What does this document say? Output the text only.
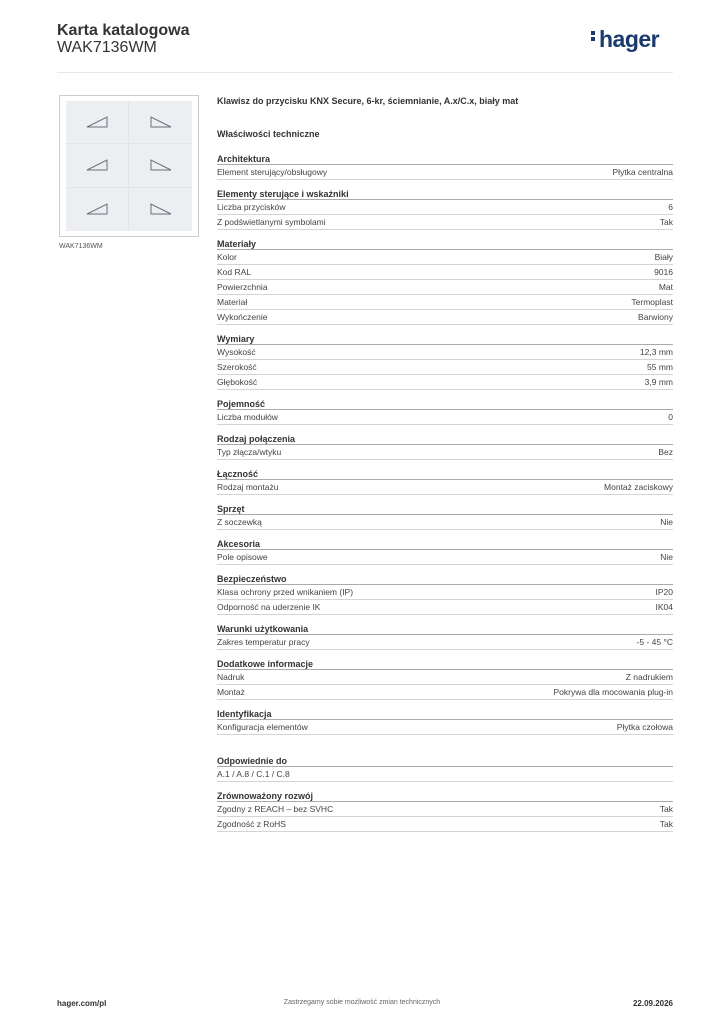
Karta katalogowa
WAK7136WM	hager
WAK7136WM
Klawisz do przycisku KNX Secure, 6-kr, ściemnianie, A.x/C.x, biały mat
Właściwości techniczne
Architektura
Element sterujący/obsługowy	Płytka centralna
Elementy sterujące i wskaźniki
Liczba przycisków	6
Z podświetlanymi symbolami	Tak
Materiały
Kolor	Biały
Kod RAL	9016
Powierzchnia	Mat
Materiał	Termoplast
Wykończenie	Barwiony
Wymiary
Wysokość	12,3 mm
Szerokość	55 mm
Głębokość	3,9 mm
Pojemność
Liczba modułów	0
Rodzaj połączenia
Typ złącza/wtyku	Bez
Łączność
Rodzaj montażu	Montaż zaciskowy
Sprzęt
Z soczewką	Nie
Akcesoria
Pole opisowe	Nie
Bezpieczeństwo
Klasa ochrony przed wnikaniem (IP)	IP20
Odporność na uderzenie IK	IK04
Warunki użytkowania
Zakres temperatur pracy	-5 - 45 °C
Dodatkowe informacje
Nadruk	Z nadrukiem
Montaż	Pokrywa dla mocowania plug-in
Identyfikacja
Konfiguracja elementów	Płytka czołowa
Odpowiednie do
A.1 / A.8 / C.1 / C.8
Zrównoważony rozwój
Zgodny z REACH – bez SVHC	Tak
Zgodność z RoHS	Tak
hager.com/pl	Zastrzegamy sobie możliwość zmian technicznych	22.09.2026
